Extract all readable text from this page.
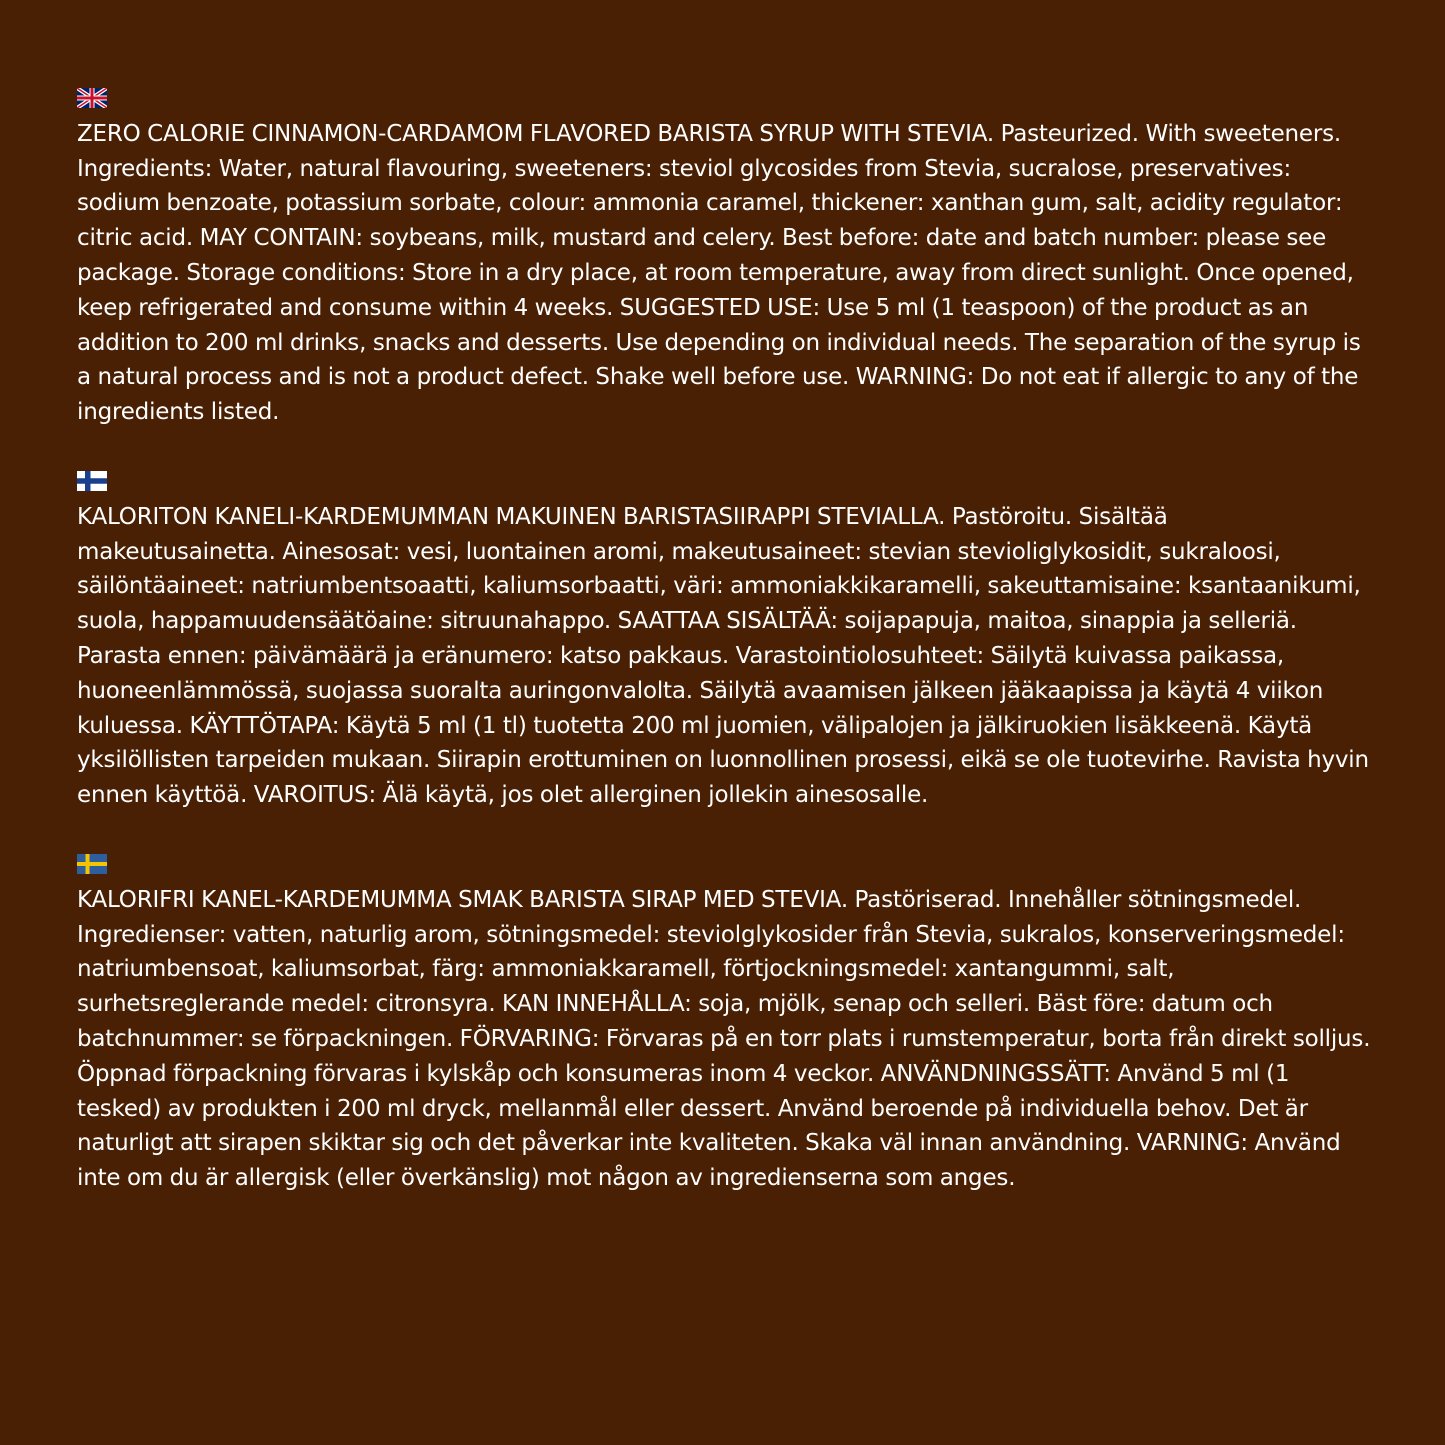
ZERO CALORIE CINNAMON-CARDAMOM FLAVORED BARISTA SYRUP WITH STEVIA. Pasteurized. With sweeteners. Ingredients: Water, natural flavouring, sweeteners: steviol glycosides from Stevia, sucralose, preservatives: sodium benzoate, potassium sorbate, colour: ammonia caramel, thickener: xanthan gum, salt, acidity regulator: citric acid. MAY CONTAIN: soybeans, milk, mustard and celery. Best before: date and batch number: please see package. Storage conditions: Store in a dry place, at room temperature, away from direct sunlight. Once opened, keep refrigerated and consume within 4 weeks. SUGGESTED USE: Use 5 ml (1 teaspoon) of the product as an addition to 200 ml drinks, snacks and desserts. Use depending on individual needs. The separation of the syrup is a natural process and is not a product defect. Shake well before use. WARNING: Do not eat if allergic to any of the ingredients listed.

KALORITON KANELI-KARDEMUMMAN MAKUINEN BARISTASIIRAPPI STEVIALLA. Pastöroitu. Sisältää makeutusainetta. Ainesosat: vesi, luontainen aromi, makeutusaineet: stevian stevioliglykosidit, sukraloosi, säilöntäaineet: natriumbentsoaatti, kaliumsorbaatti, väri: ammoniakkikaramelli, sakeuttamisaine: ksantaanikumi, suola, happamuudensäätöaine: sitruunahappo. SAATTAA SISÄLTÄÄ: soijapapuja, maitoa, sinappia ja selleriä. Parasta ennen: päivämäärä ja eränumero: katso pakkaus. Varastointiolosuhteet: Säilytä kuivassa paikassa, huoneenlämmössä, suojassa suoralta auringonvalolta. Säilytä avaamisen jälkeen jääkaapissa ja käytä 4 viikon kuluessa. KÄYTTÖTAPA: Käytä 5 ml (1 tl) tuotetta 200 ml juomien, välipalojen ja jälkiruokien lisäkkeenä. Käytä yksilöllisten tarpeiden mukaan. Siirapin erottuminen on luonnollinen prosessi, eikä se ole tuotevirhe. Ravista hyvin ennen käyttöä. VAROITUS: Älä käytä, jos olet allerginen jollekin ainesosalle.

KALORIFRI KANEL-KARDEMUMMA SMAK BARISTA SIRAP MED STEVIA. Pastöriserad. Innehåller sötningsmedel. Ingredienser: vatten, naturlig arom, sötningsmedel: steviolglykosider från Stevia, sukralos, konserveringsmedel: natriumbensoat, kaliumsorbat, färg: ammoniakkaramell, förtjockningsmedel: xantangummi, salt, surhetsreglerande medel: citronsyra. KAN INNEHÅLLA: soja, mjölk, senap och selleri. Bäst före: datum och batchnummer: se förpackningen. FÖRVARING: Förvaras på en torr plats i rumstemperatur, borta från direkt solljus. Öppnad förpackning förvaras i kylskåp och konsumeras inom 4 veckor. ANVÄNDNINGSSÄTT: Använd 5 ml (1 tesked) av produkten i 200 ml dryck, mellanmål eller dessert. Använd beroende på individuella behov. Det är naturligt att sirapen skiktar sig och det påverkar inte kvaliteten. Skaka väl innan användning. VARNING: Använd inte om du är allergisk (eller överkänslig) mot någon av ingredienserna som anges.
